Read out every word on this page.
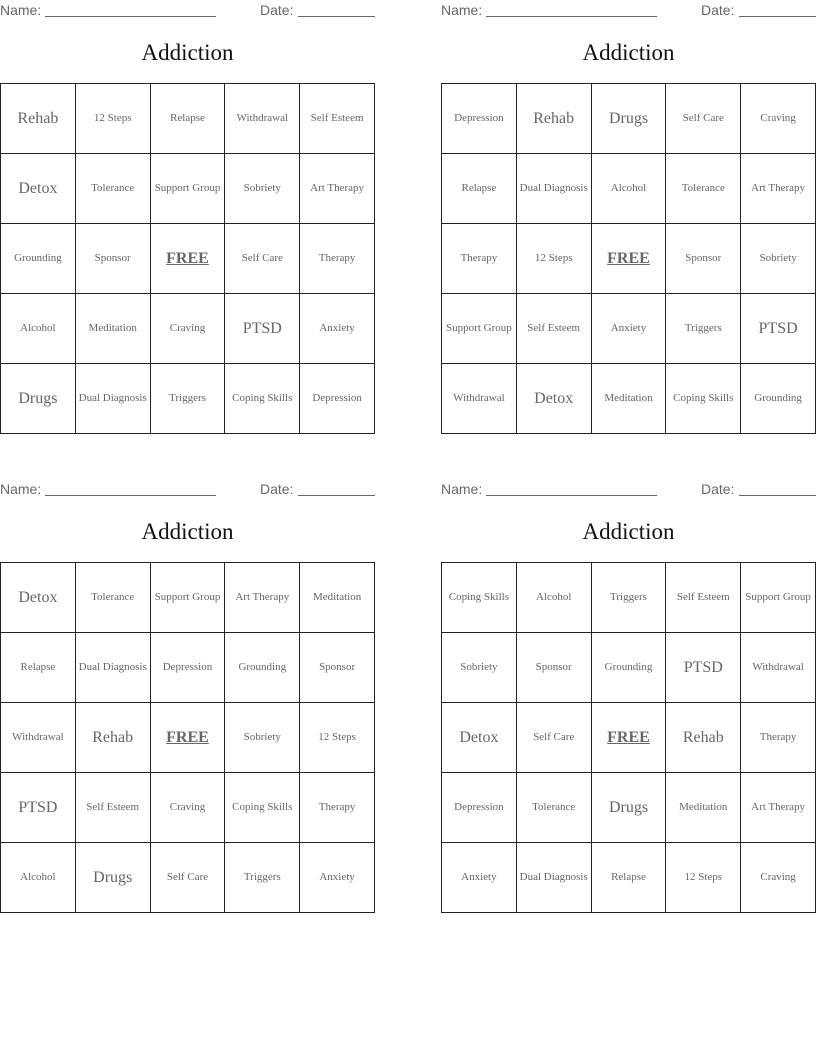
Name:	Date:
Addiction
Rehab	12 Steps	Relapse	Withdrawal	Self Esteem
Detox	Tolerance	Support Group	Sobriety	Art Therapy
Grounding	Sponsor	FREE	Self Care	Therapy
Alcohol	Meditation	Craving	PTSD	Anxiety
Drugs	Dual Diagnosis	Triggers	Coping Skills	Depression
Name:	Date:
Addiction
Depression	Rehab	Drugs	Self Care	Craving
Relapse	Dual Diagnosis	Alcohol	Tolerance	Art Therapy
Therapy	12 Steps	FREE	Sponsor	Sobriety
Support Group	Self Esteem	Anxiety	Triggers	PTSD
Withdrawal	Detox	Meditation	Coping Skills	Grounding
Name:	Date:
Addiction
Detox	Tolerance	Support Group	Art Therapy	Meditation
Relapse	Dual Diagnosis	Depression	Grounding	Sponsor
Withdrawal	Rehab	FREE	Sobriety	12 Steps
PTSD	Self Esteem	Craving	Coping Skills	Therapy
Alcohol	Drugs	Self Care	Triggers	Anxiety
Name:	Date:
Addiction
Coping Skills	Alcohol	Triggers	Self Esteem	Support Group
Sobriety	Sponsor	Grounding	PTSD	Withdrawal
Detox	Self Care	FREE	Rehab	Therapy
Depression	Tolerance	Drugs	Meditation	Art Therapy
Anxiety	Dual Diagnosis	Relapse	12 Steps	Craving
